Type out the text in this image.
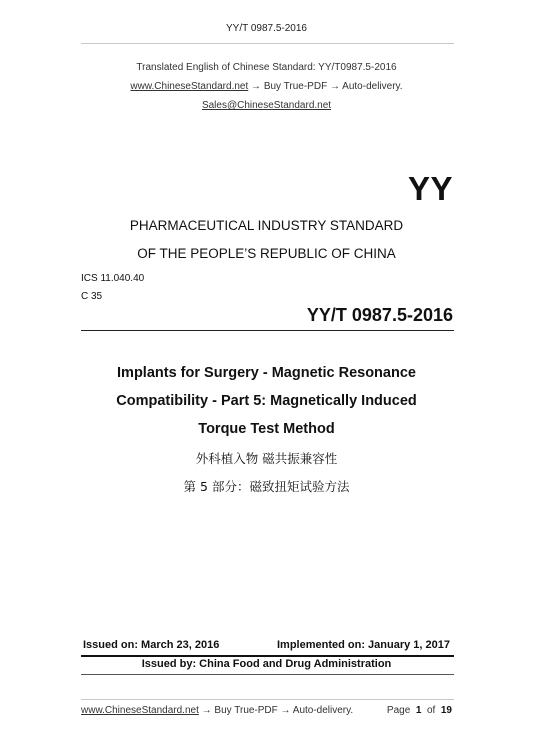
YY/T 0987.5-2016
Translated English of Chinese Standard: YY/T0987.5-2016
www.ChineseStandard.net → Buy True-PDF → Auto-delivery.
Sales@ChineseStandard.net
YY
PHARMACEUTICAL INDUSTRY STANDARD
OF THE PEOPLE’S REPUBLIC OF CHINA
ICS 11.040.40
C 35
YY/T 0987.5-2016
Implants for Surgery - Magnetic Resonance
Compatibility - Part 5: Magnetically Induced
Torque Test Method
外科植入物 磁共振兼容性
第 5 部分：磁致扭矩试验方法
Issued on: March 23, 2016	Implemented on: January 1, 2017
Issued by: China Food and Drug Administration
www.ChineseStandard.net → Buy True-PDF → Auto-delivery.	Page 1 of 19
